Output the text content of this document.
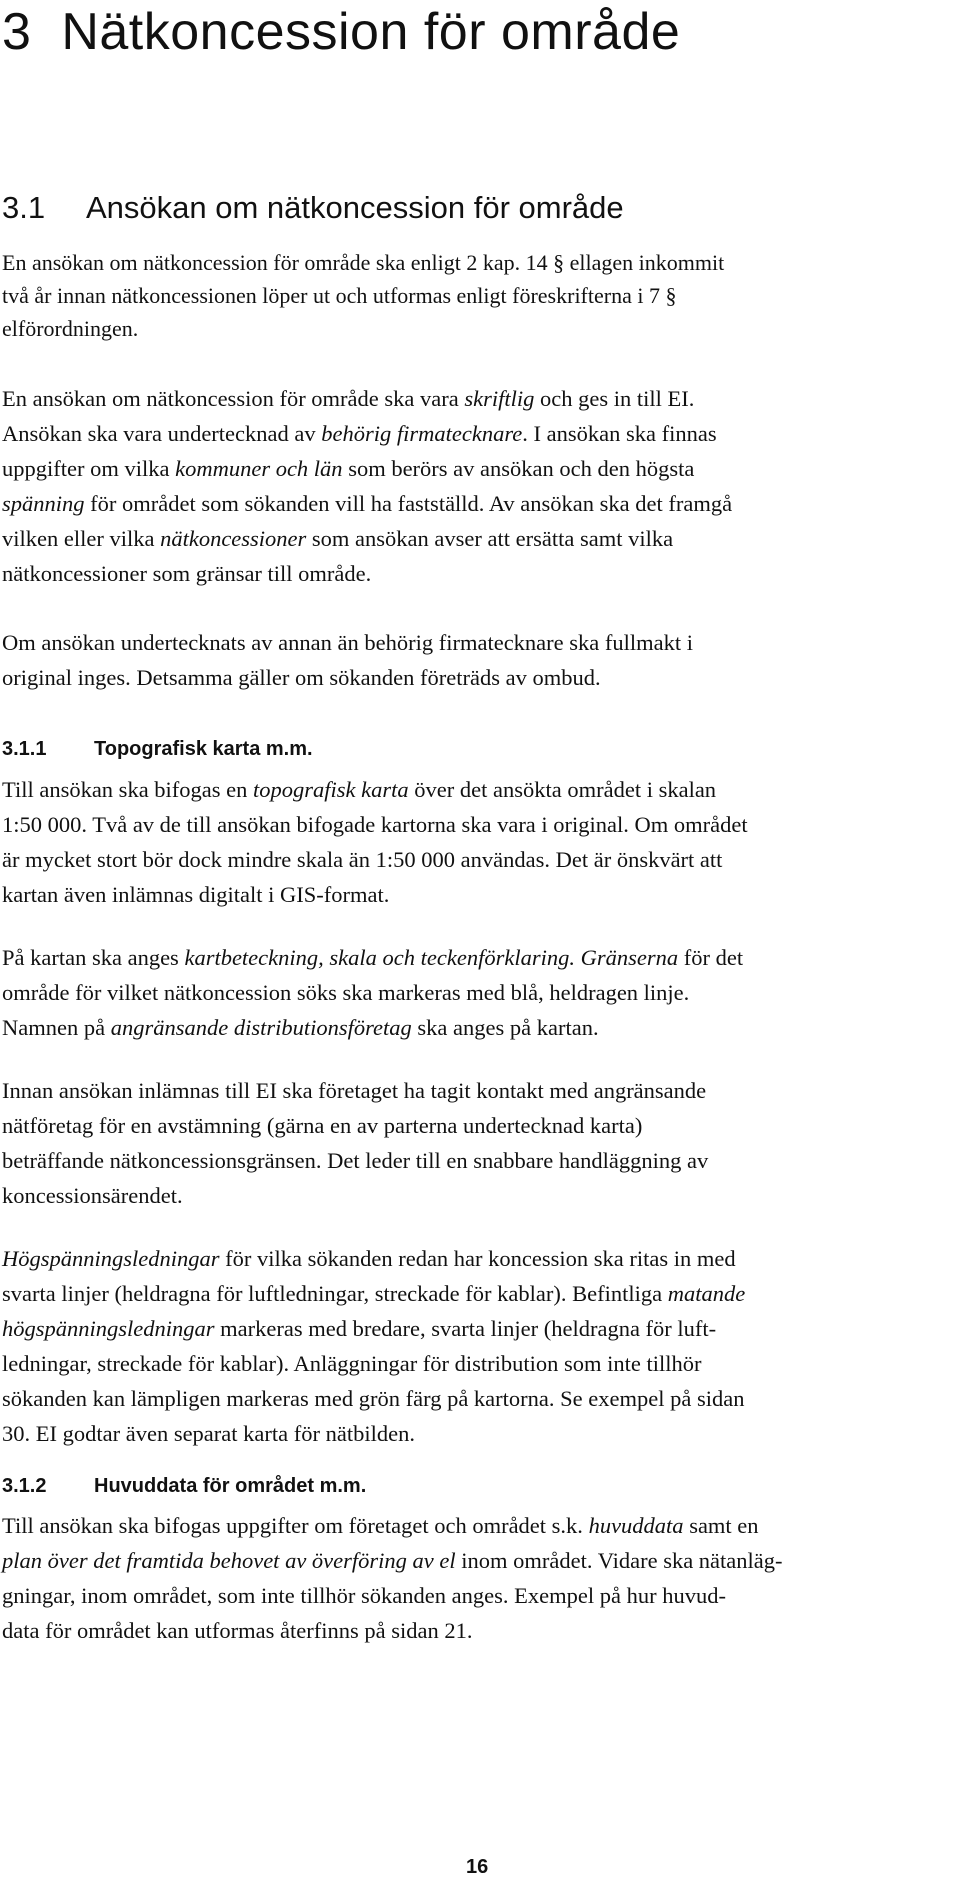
3 Nätkoncession för område
3.1 Ansökan om nätkoncession för område
En ansökan om nätkoncession för område ska enligt 2 kap. 14 § ellagen inkommit
två år innan nätkoncessionen löper ut och utformas enligt föreskrifterna i 7 §
elförordningen.
En ansökan om nätkoncession för område ska vara skriftlig och ges in till EI.
Ansökan ska vara undertecknad av behörig firmatecknare. I ansökan ska finnas
uppgifter om vilka kommuner och län som berörs av ansökan och den högsta
spänning för området som sökanden vill ha fastställd. Av ansökan ska det framgå
vilken eller vilka nätkoncessioner som ansökan avser att ersätta samt vilka
nätkoncessioner som gränsar till område.
Om ansökan undertecknats av annan än behörig firmatecknare ska fullmakt i
original inges. Detsamma gäller om sökanden företräds av ombud.
3.1.1 Topografisk karta m.m.
Till ansökan ska bifogas en topografisk karta över det ansökta området i skalan
1:50 000. Två av de till ansökan bifogade kartorna ska vara i original. Om området
är mycket stort bör dock mindre skala än 1:50 000 användas. Det är önskvärt att
kartan även inlämnas digitalt i GIS-format.
På kartan ska anges kartbeteckning, skala och teckenförklaring. Gränserna för det
område för vilket nätkoncession söks ska markeras med blå, heldragen linje.
Namnen på angränsande distributionsföretag ska anges på kartan.
Innan ansökan inlämnas till EI ska företaget ha tagit kontakt med angränsande
nätföretag för en avstämning (gärna en av parterna undertecknad karta)
beträffande nätkoncessionsgränsen. Det leder till en snabbare handläggning av
koncessionsärendet.
Högspänningsledningar för vilka sökanden redan har koncession ska ritas in med
svarta linjer (heldragna för luftledningar, streckade för kablar). Befintliga matande
högspänningsledningar markeras med bredare, svarta linjer (heldragna för luft-
ledningar, streckade för kablar). Anläggningar för distribution som inte tillhör
sökanden kan lämpligen markeras med grön färg på kartorna. Se exempel på sidan
30. EI godtar även separat karta för nätbilden.
3.1.2 Huvuddata för området m.m.
Till ansökan ska bifogas uppgifter om företaget och området s.k. huvuddata samt en
plan över det framtida behovet av överföring av el inom området. Vidare ska nätanläg-
gningar, inom området, som inte tillhör sökanden anges. Exempel på hur huvud-
data för området kan utformas återfinns på sidan 21.
16
